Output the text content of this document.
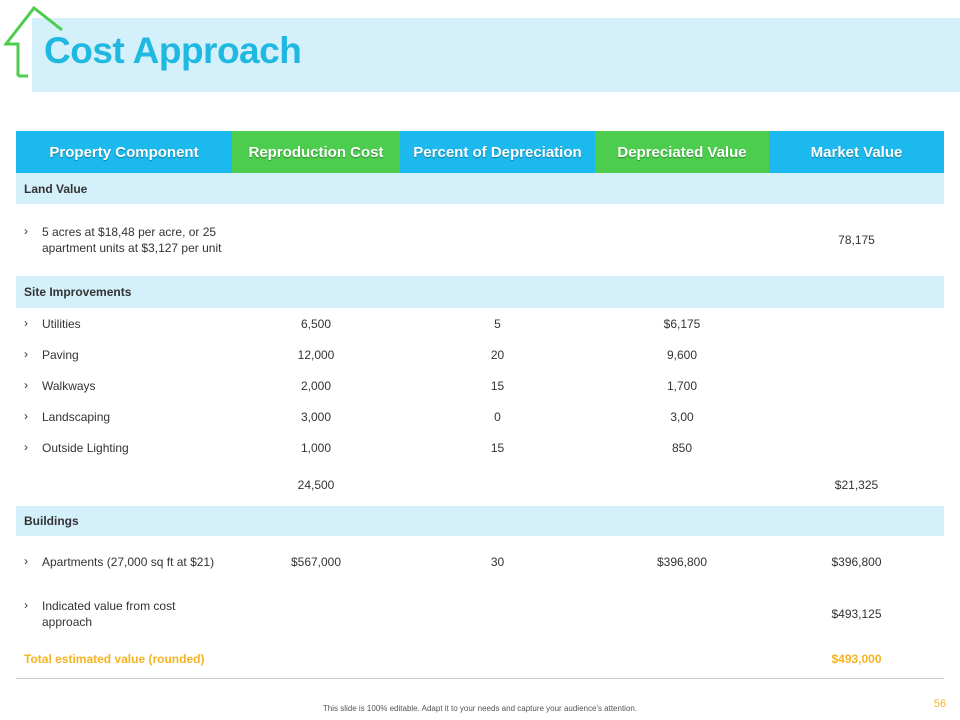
Cost Approach
Property Component	Reproduction Cost	Percent of Depreciation	Depreciated Value	Market Value
Land Value				

› 5 acres at $18,48 per acre, or 25 apartment units at $3,127 per unit				78,175
Site Improvements				

› Utilities	6,500	5	$6,175	

› Paving	12,000	20	9,600	

› Walkways	2,000	15	1,700	

› Landscaping	3,000	0	3,00	

› Outside Lighting	1,000	15	850	
	24,500			$21,325
Buildings				

› Apartments (27,000 sq ft at $21)	$567,000	30	$396,800	$396,800

› Indicated value from cost approach				$493,125
Total estimated value (rounded)				$493,000
This slide is 100% editable. Adapt it to your needs and capture your audience's attention.	56
